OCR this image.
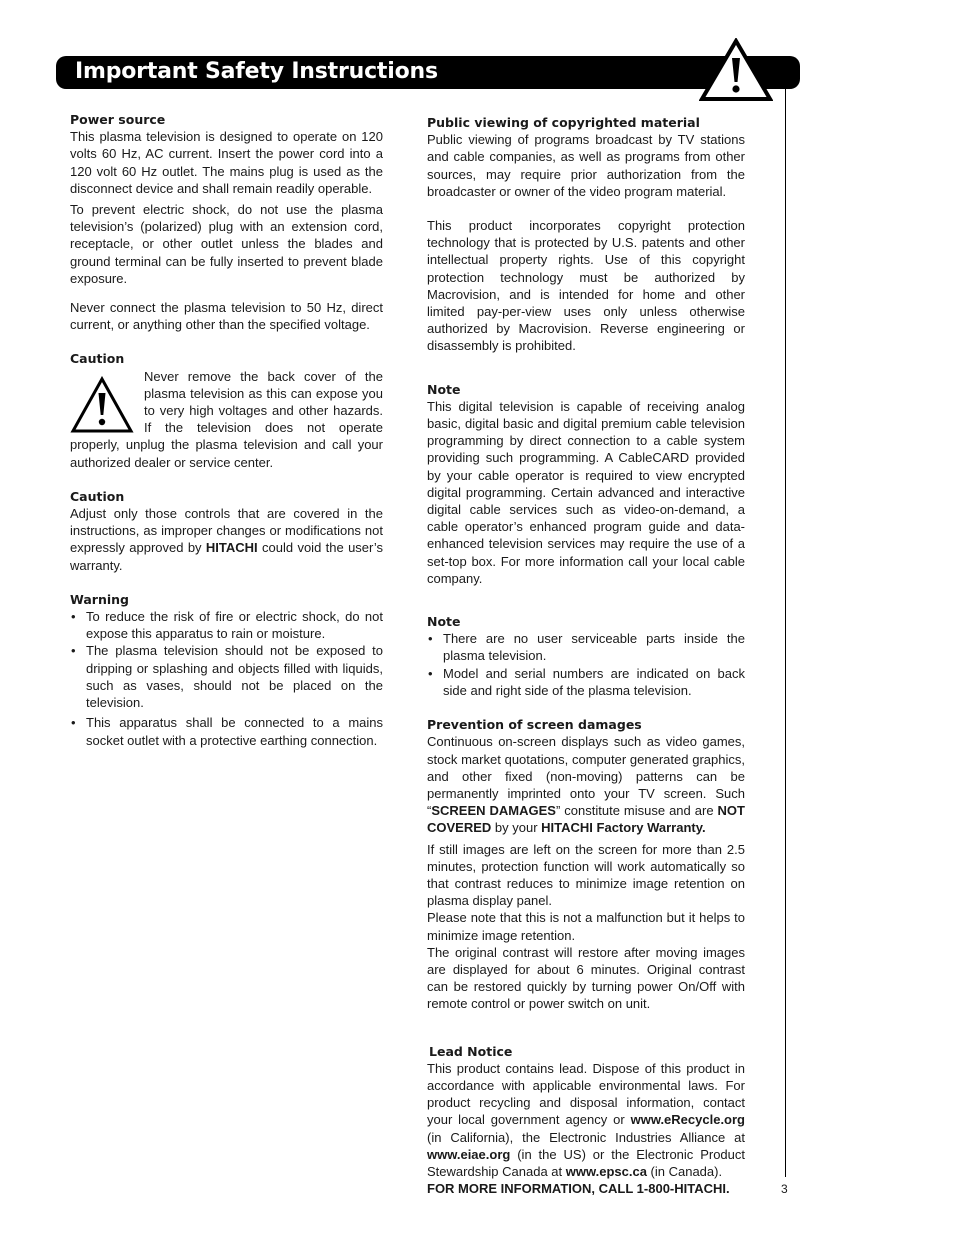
Important Safety Instructions
Power source

This plasma television is designed to operate on 120 volts 60 Hz, AC current. Insert the power cord into a 120 volt 60 Hz outlet. The mains plug is used as the disconnect device and shall remain readily operable.

To prevent electric shock, do not use the plasma television’s (polarized) plug with an extension cord, receptacle, or other outlet unless the blades and ground terminal can be fully inserted to prevent blade exposure.

Never connect the plasma television to 50 Hz, direct current, or anything other than the specified voltage.

Caution

Never remove the back cover of the plasma television as this can expose you to very high voltages and other hazards. If the television does not operate properly, unplug the plasma television and call your authorized dealer or service center.

Caution

Adjust only those controls that are covered in the instructions, as improper changes or modifications not expressly approved by HITACHI could void the user’s warranty.

Warning
• To reduce the risk of fire or electric shock, do not expose this apparatus to rain or moisture.
• The plasma television should not be exposed to dripping or splashing and objects filled with liquids, such as vases, should not be placed on the television.
• This apparatus shall be connected to a mains socket outlet with a protective earthing connection.
Public viewing of copyrighted material

Public viewing of programs broadcast by TV stations and cable companies, as well as programs from other sources, may require prior authorization from the broadcaster or owner of the video program material.

This product incorporates copyright protection technology that is protected by U.S. patents and other intellectual property rights. Use of this copyright protection technology must be authorized by Macrovision, and is intended for home and other limited pay-per-view uses only unless otherwise authorized by Macrovision. Reverse engineering or disassembly is prohibited.

Note

This digital television is capable of receiving analog basic, digital basic and digital premium cable television programming by direct connection to a cable system providing such programming. A CableCARD provided by your cable operator is required to view encrypted digital programming. Certain advanced and interactive digital cable services such as video-on-demand, a cable operator’s enhanced program guide and data-enhanced television services may require the use of a set-top box. For more information call your local cable company.

Note
• There are no user serviceable parts inside the plasma television.
• Model and serial numbers are indicated on back side and right side of the plasma television.
Prevention of screen damages

Continuous on-screen displays such as video games, stock market quotations, computer generated graphics, and other fixed (non-moving) patterns can be permanently imprinted onto your TV screen. Such “SCREEN DAMAGES” constitute misuse and are NOT COVERED by your HITACHI Factory Warranty.

If still images are left on the screen for more than 2.5 minutes, protection function will work automatically so that contrast reduces to minimize image retention on plasma display panel.

Please note that this is not a malfunction but it helps to minimize image retention.

The original contrast will restore after moving images are displayed for about 6 minutes. Original contrast can be restored quickly by turning power On/Off with remote control or power switch on unit.

Lead Notice

This product contains lead. Dispose of this product in accordance with applicable environmental laws. For product recycling and disposal information, contact your local government agency or www.eRecycle.org (in California), the Electronic Industries Alliance at www.eiae.org (in the US) or the Electronic Product Stewardship Canada at www.epsc.ca (in Canada).

FOR MORE INFORMATION, CALL 1-800-HITACHI.	3
